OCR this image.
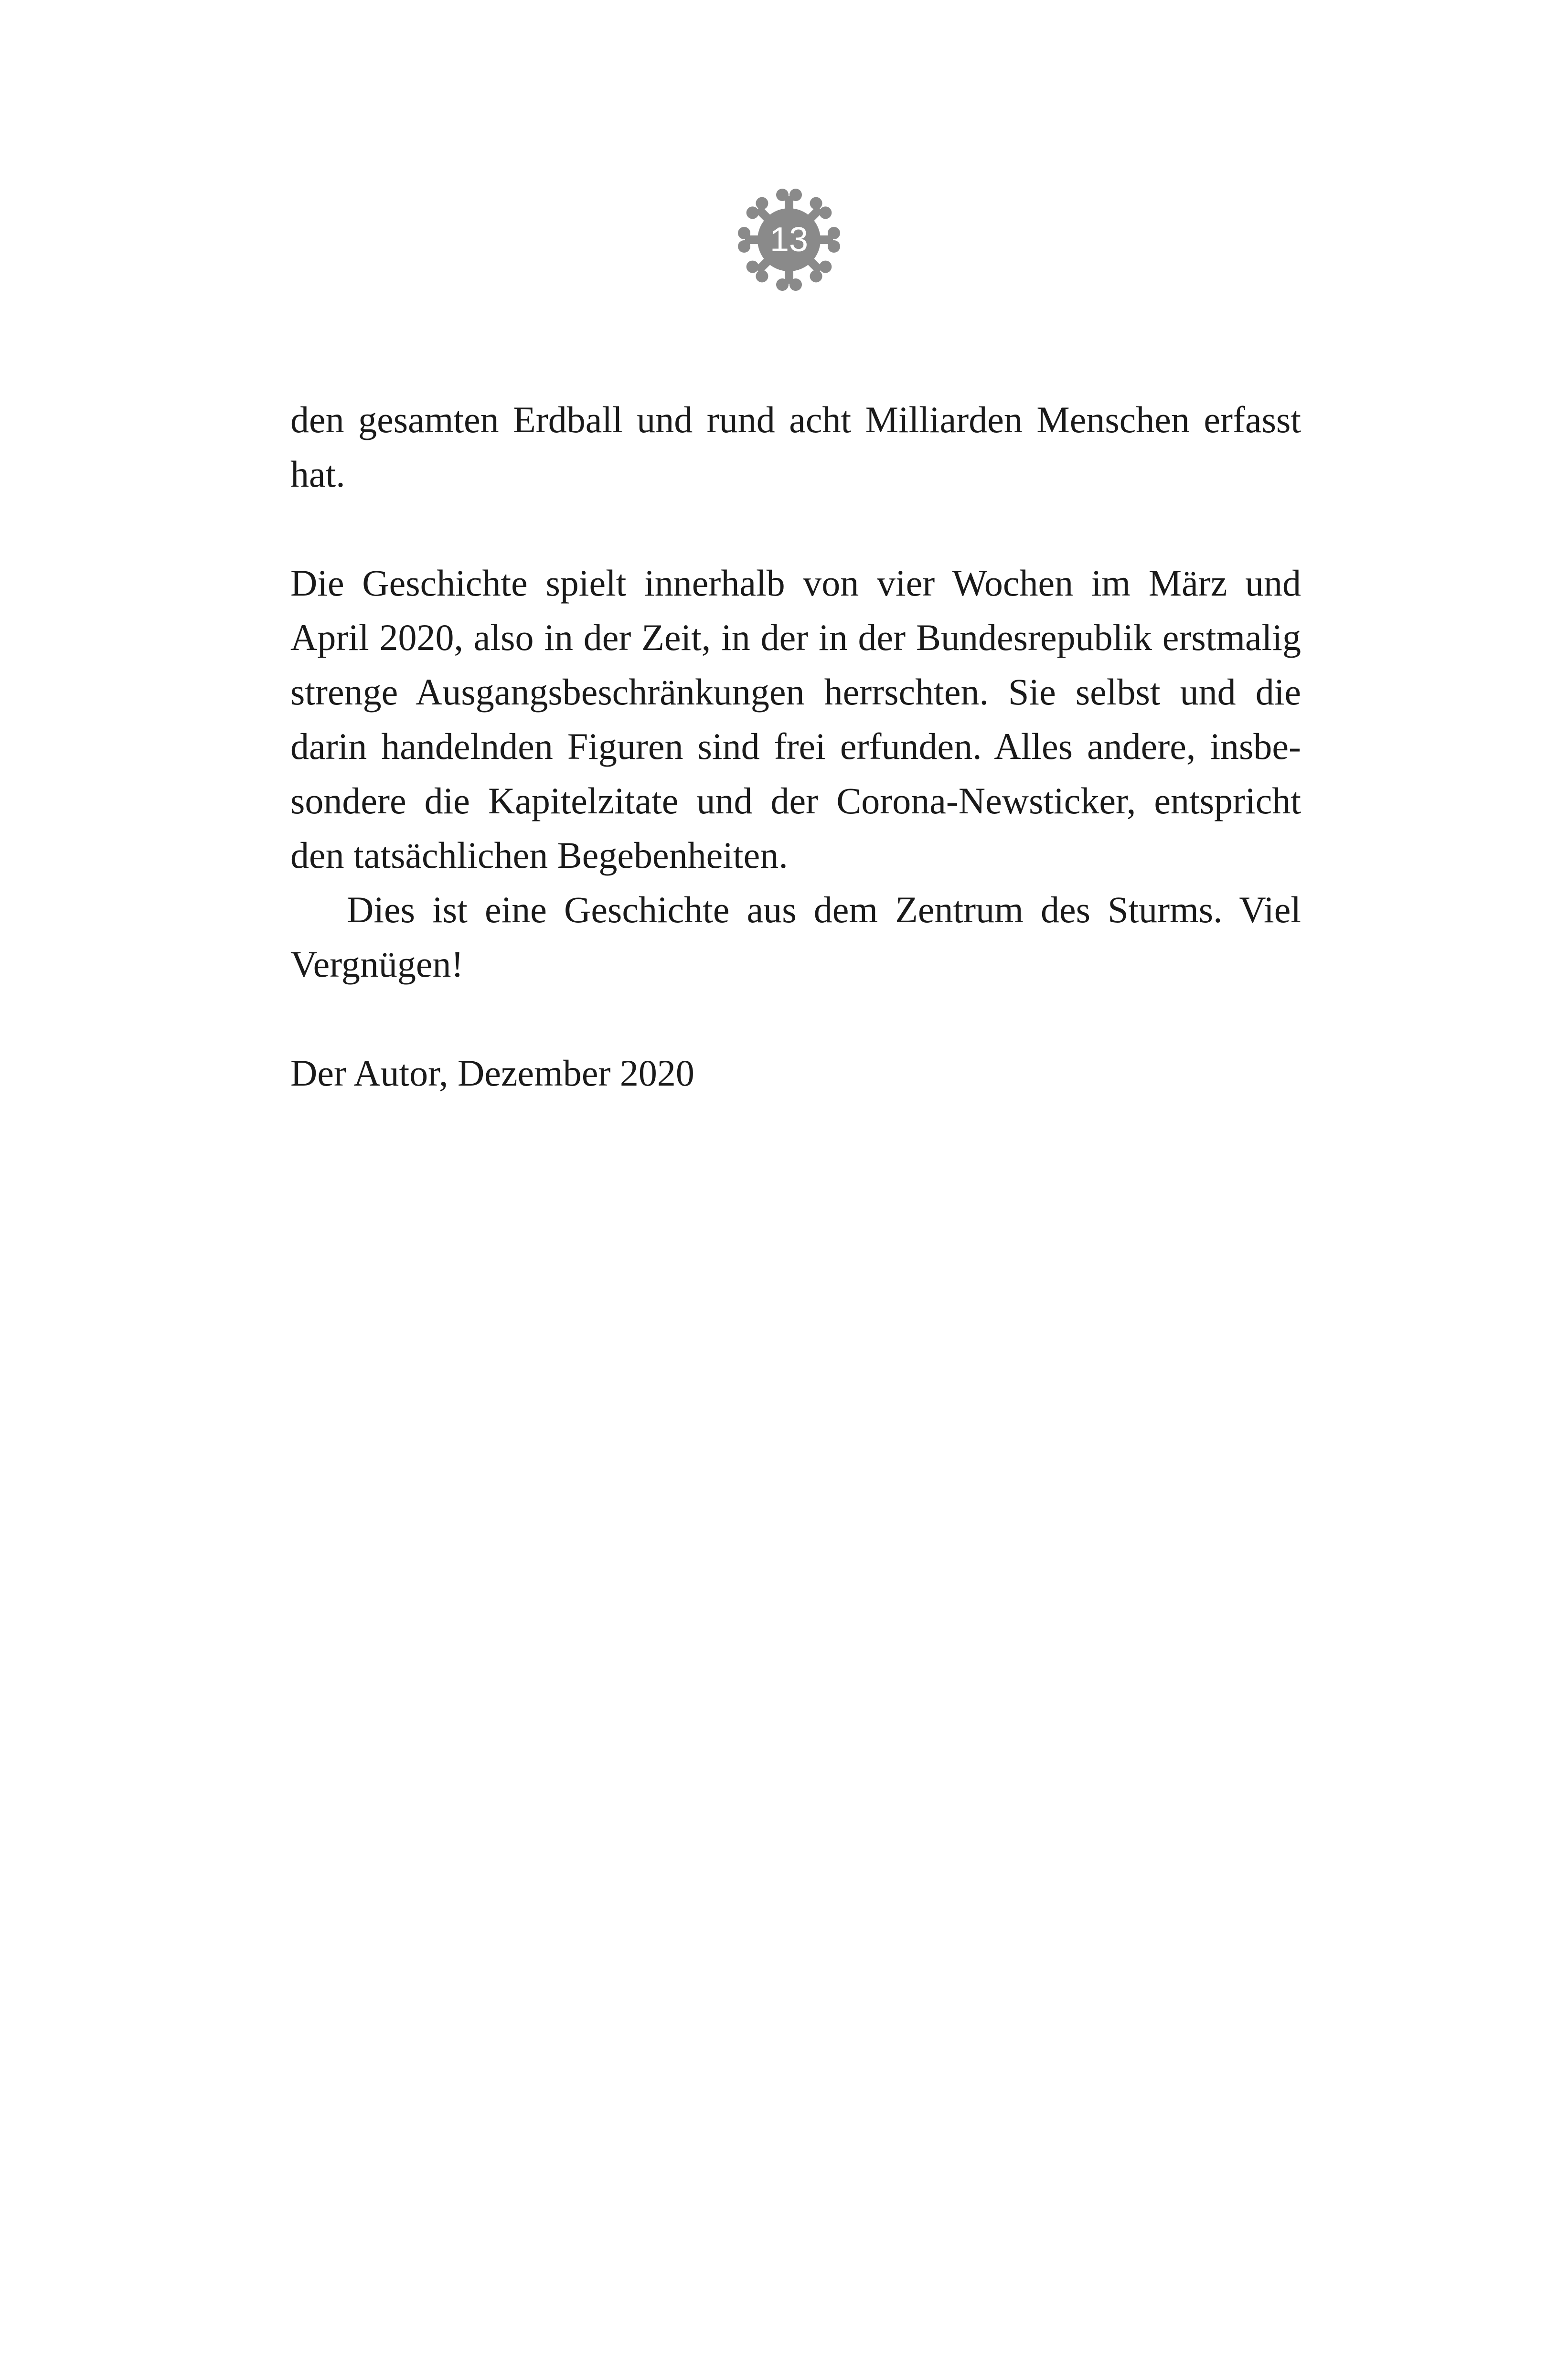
13

den gesamten Erdball und rund acht Milliarden Menschen erfasst hat.

Die Geschichte spielt innerhalb von vier Wochen im März und April 2020, also in der Zeit, in der in der Bundesrepublik erstmalig strenge Ausgangsbeschränkungen herrschten. Sie selbst und die darin handelnden Figuren sind frei erfunden. Alles andere, insbesondere die Kapitelzitate und der Corona-Newsticker, entspricht den tatsächlichen Begebenheiten.

Dies ist eine Geschichte aus dem Zentrum des Sturms. Viel Vergnügen!

Der Autor, Dezember 2020
